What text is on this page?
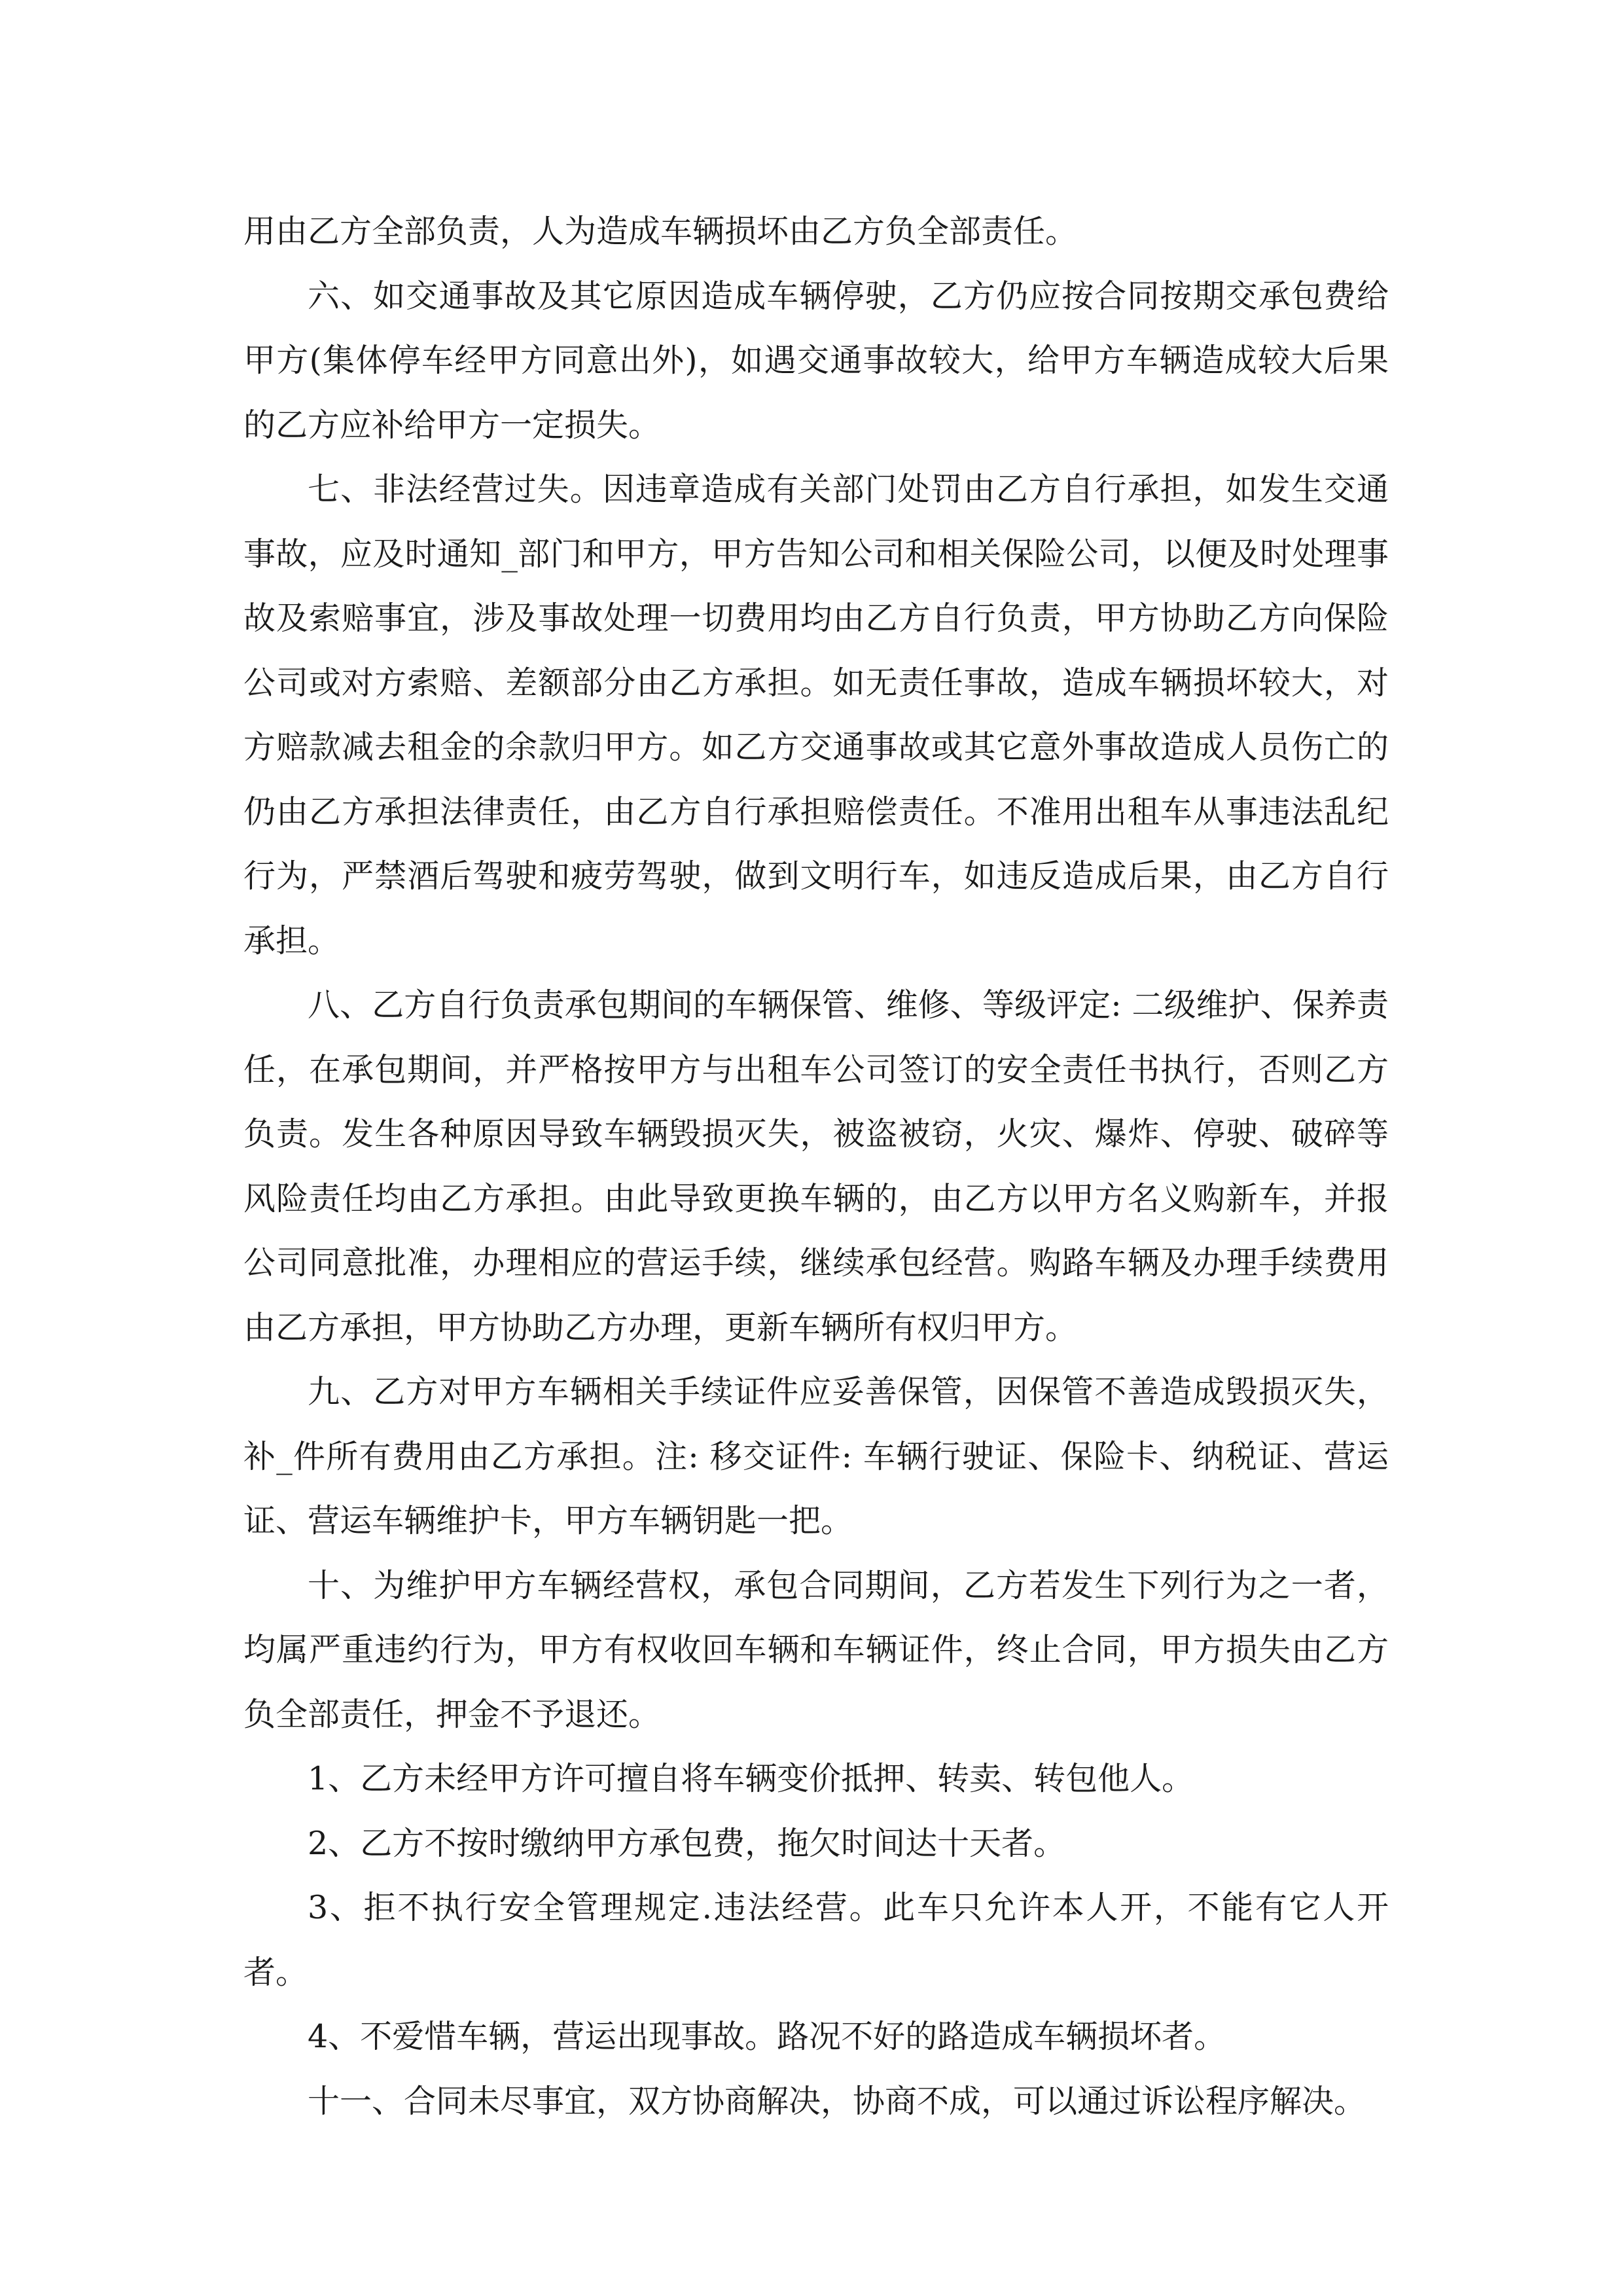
用由乙方全部负责，人为造成车辆损坏由乙方负全部责任。

六、如交通事故及其它原因造成车辆停驶，乙方仍应按合同按期交承包费给甲方(集体停车经甲方同意出外)，如遇交通事故较大，给甲方车辆造成较大后果的乙方应补给甲方一定损失。

七、非法经营过失。因违章造成有关部门处罚由乙方自行承担，如发生交通事故，应及时通知_部门和甲方，甲方告知公司和相关保险公司，以便及时处理事故及索赔事宜，涉及事故处理一切费用均由乙方自行负责，甲方协助乙方向保险公司或对方索赔、差额部分由乙方承担。如无责任事故，造成车辆损坏较大，对方赔款减去租金的余款归甲方。如乙方交通事故或其它意外事故造成人员伤亡的仍由乙方承担法律责任，由乙方自行承担赔偿责任。不准用出租车从事违法乱纪行为，严禁酒后驾驶和疲劳驾驶，做到文明行车，如违反造成后果，由乙方自行承担。

八、乙方自行负责承包期间的车辆保管、维修、等级评定: 二级维护、保养责任，在承包期间，并严格按甲方与出租车公司签订的安全责任书执行，否则乙方负责。发生各种原因导致车辆毁损灭失，被盗被窃，火灾、爆炸、停驶、破碎等风险责任均由乙方承担。由此导致更换车辆的，由乙方以甲方名义购新车，并报公司同意批准，办理相应的营运手续，继续承包经营。购路车辆及办理手续费用由乙方承担，甲方协助乙方办理，更新车辆所有权归甲方。

九、乙方对甲方车辆相关手续证件应妥善保管，因保管不善造成毁损灭失，补_件所有费用由乙方承担。注: 移交证件: 车辆行驶证、保险卡、纳税证、营运证、营运车辆维护卡，甲方车辆钥匙一把。

十、为维护甲方车辆经营权，承包合同期间，乙方若发生下列行为之一者，均属严重违约行为，甲方有权收回车辆和车辆证件，终止合同，甲方损失由乙方负全部责任，押金不予退还。

1、乙方未经甲方许可擅自将车辆变价抵押、转卖、转包他人。

2、乙方不按时缴纳甲方承包费，拖欠时间达十天者。

3、拒不执行安全管理规定.违法经营。此车只允许本人开，不能有它人开者。

4、不爱惜车辆，营运出现事故。路况不好的路造成车辆损坏者。

十一、合同未尽事宜，双方协商解决，协商不成，可以通过诉讼程序解决。
